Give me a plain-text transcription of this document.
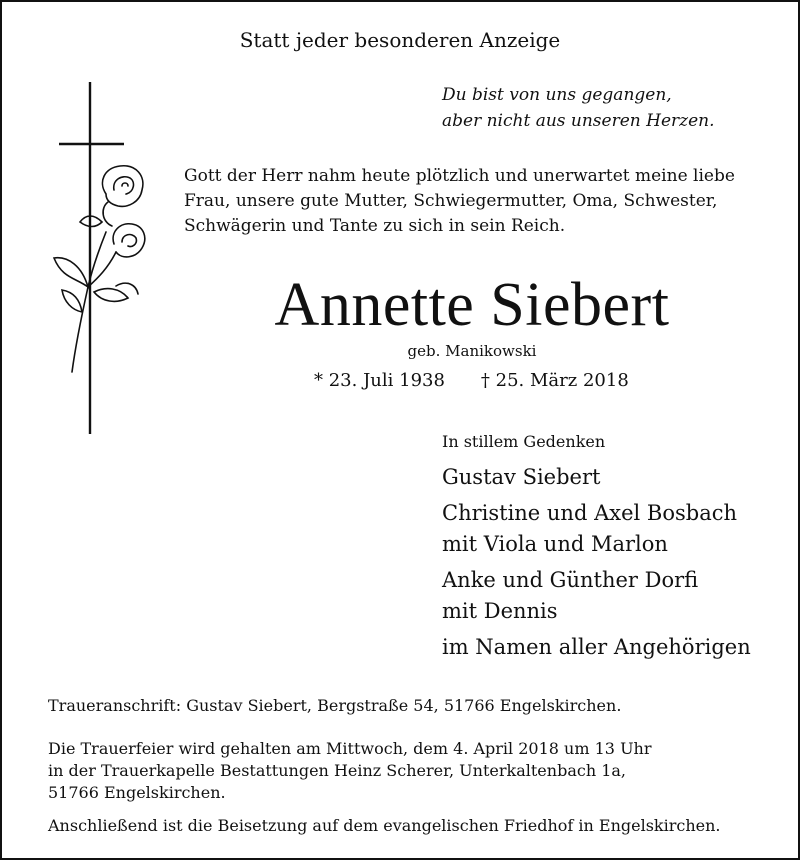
Statt jeder besonderen Anzeige
Du bist von uns gegangen,
aber nicht aus unseren Herzen.
Gott der Herr nahm heute plötzlich und unerwartet meine liebe
Frau, unsere gute Mutter, Schwiegermutter, Oma, Schwester,
Schwägerin und Tante zu sich in sein Reich.
Annette Siebert
geb. Manikowski
* 23. Juli 1938 † 25. März 2018
In stillem Gedenken
Gustav Siebert
Christine und Axel Bosbach
mit Viola und Marlon
Anke und Günther Dorfi
mit Dennis
im Namen aller Angehörigen
Traueranschrift: Gustav Siebert, Bergstraße 54, 51766 Engelskirchen.
Die Trauerfeier wird gehalten am Mittwoch, dem 4. April 2018 um 13 Uhr
in der Trauerkapelle Bestattungen Heinz Scherer, Unterkaltenbach 1a,
51766 Engelskirchen.
Anschließend ist die Beisetzung auf dem evangelischen Friedhof in Engelskirchen.
